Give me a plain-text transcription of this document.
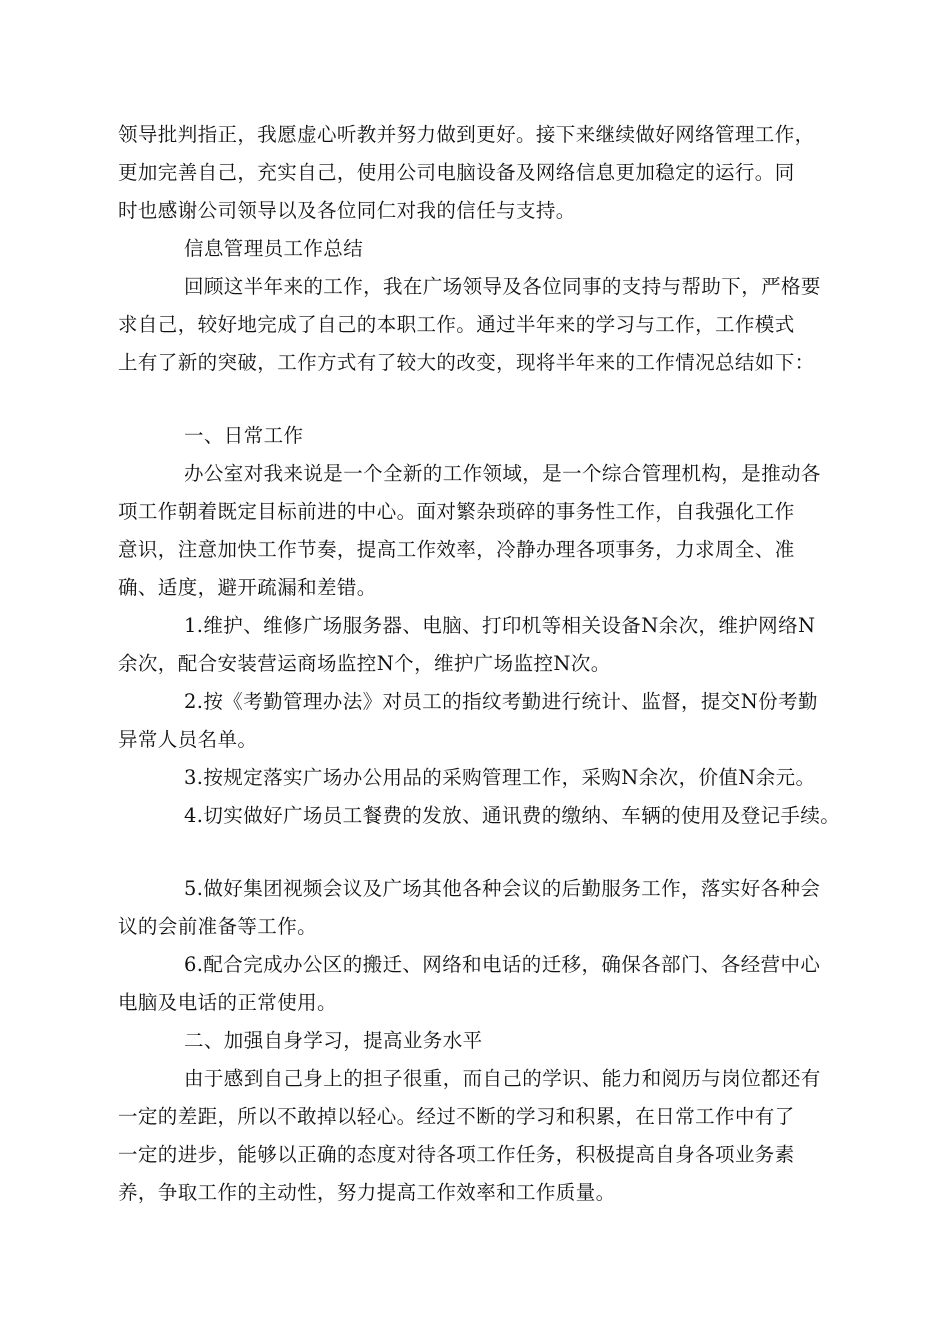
领导批判指正，我愿虚心听教并努力做到更好。接下来继续做好网络管理工作，
更加完善自己，充实自己，使用公司电脑设备及网络信息更加稳定的运行。同
时也感谢公司领导以及各位同仁对我的信任与支持。
信息管理员工作总结
回顾这半年来的工作，我在广场领导及各位同事的支持与帮助下，严格要
求自己，较好地完成了自己的本职工作。通过半年来的学习与工作，工作模式
上有了新的突破，工作方式有了较大的改变，现将半年来的工作情况总结如下：
一、日常工作
办公室对我来说是一个全新的工作领域，是一个综合管理机构，是推动各
项工作朝着既定目标前进的中心。面对繁杂琐碎的事务性工作，自我强化工作
意识，注意加快工作节奏，提高工作效率，冷静办理各项事务，力求周全、准
确、适度，避开疏漏和差错。
1.维护、维修广场服务器、电脑、打印机等相关设备N余次，维护网络N
余次，配合安装营运商场监控N个，维护广场监控N次。
2.按《考勤管理办法》对员工的指纹考勤进行统计、监督，提交N份考勤
异常人员名单。
3.按规定落实广场办公用品的采购管理工作，采购N余次，价值N余元。
4.切实做好广场员工餐费的发放、通讯费的缴纳、车辆的使用及登记手续。
5.做好集团视频会议及广场其他各种会议的后勤服务工作，落实好各种会
议的会前准备等工作。
6.配合完成办公区的搬迁、网络和电话的迁移，确保各部门、各经营中心
电脑及电话的正常使用。
二、加强自身学习，提高业务水平
由于感到自己身上的担子很重，而自己的学识、能力和阅历与岗位都还有
一定的差距，所以不敢掉以轻心。经过不断的学习和积累，在日常工作中有了
一定的进步，能够以正确的态度对待各项工作任务，积极提高自身各项业务素
养，争取工作的主动性，努力提高工作效率和工作质量。
